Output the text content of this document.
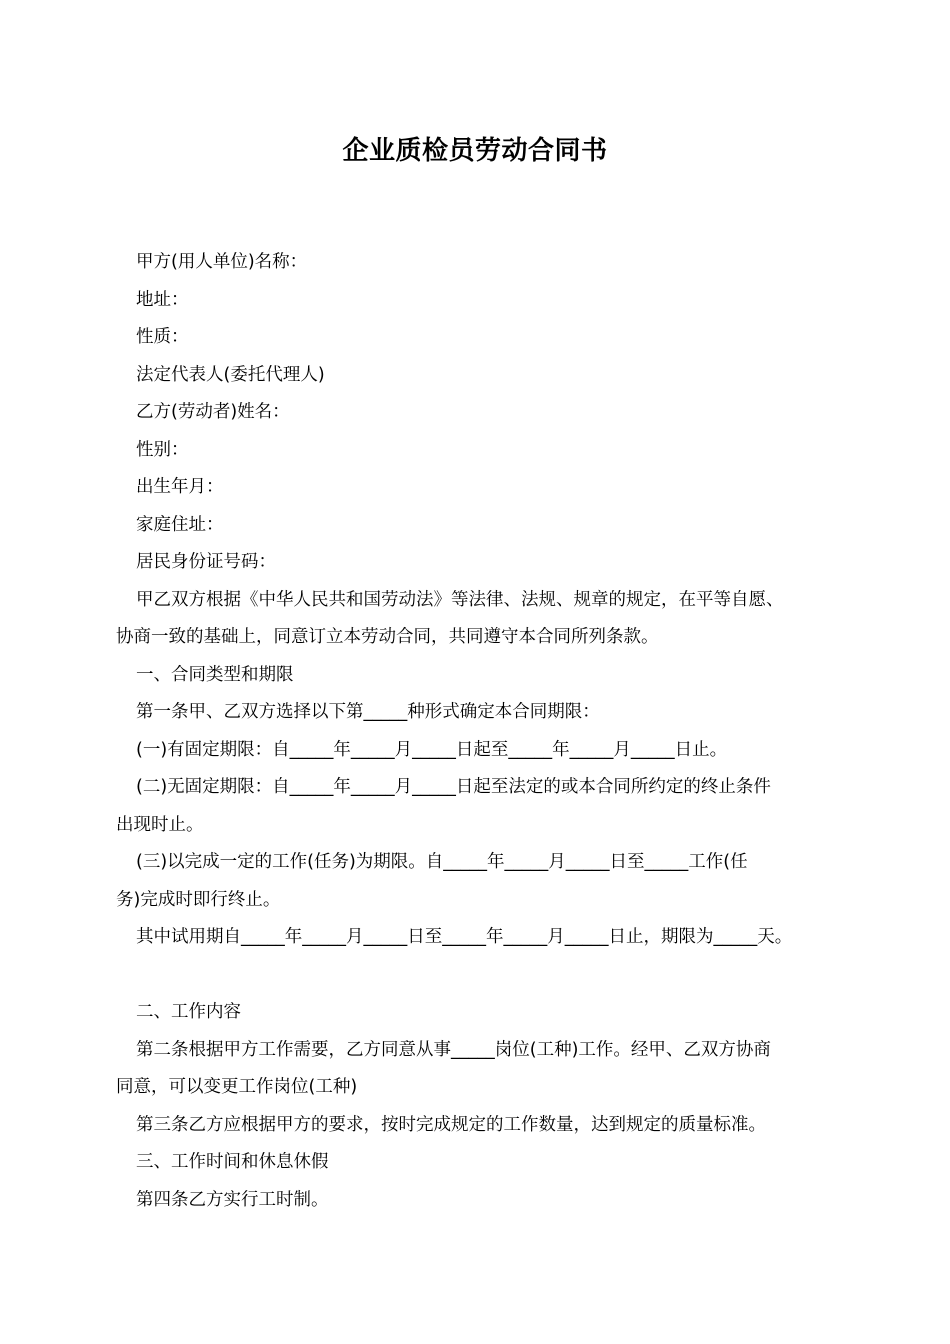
企业质检员劳动合同书

甲方(用人单位)名称：

地址：

性质：

法定代表人(委托代理人)

乙方(劳动者)姓名：

性别：

出生年月：

家庭住址：

居民身份证号码：

甲乙双方根据《中华人民共和国劳动法》等法律、法规、规章的规定，在平等自愿、

协商一致的基础上，同意订立本劳动合同，共同遵守本合同所列条款。

一、合同类型和期限

第一条甲、乙双方选择以下第_____种形式确定本合同期限：

(一)有固定期限：自_____年_____月_____日起至_____年_____月_____日止。

(二)无固定期限：自_____年_____月_____日起至法定的或本合同所约定的终止条件

出现时止。

(三)以完成一定的工作(任务)为期限。自_____年_____月_____日至_____工作(任

务)完成时即行终止。

其中试用期自_____年_____月_____日至_____年_____月_____日止，期限为_____天。

二、工作内容

第二条根据甲方工作需要，乙方同意从事_____岗位(工种)工作。经甲、乙双方协商

同意，可以变更工作岗位(工种)

第三条乙方应根据甲方的要求，按时完成规定的工作数量，达到规定的质量标准。

三、工作时间和休息休假

第四条乙方实行工时制。
